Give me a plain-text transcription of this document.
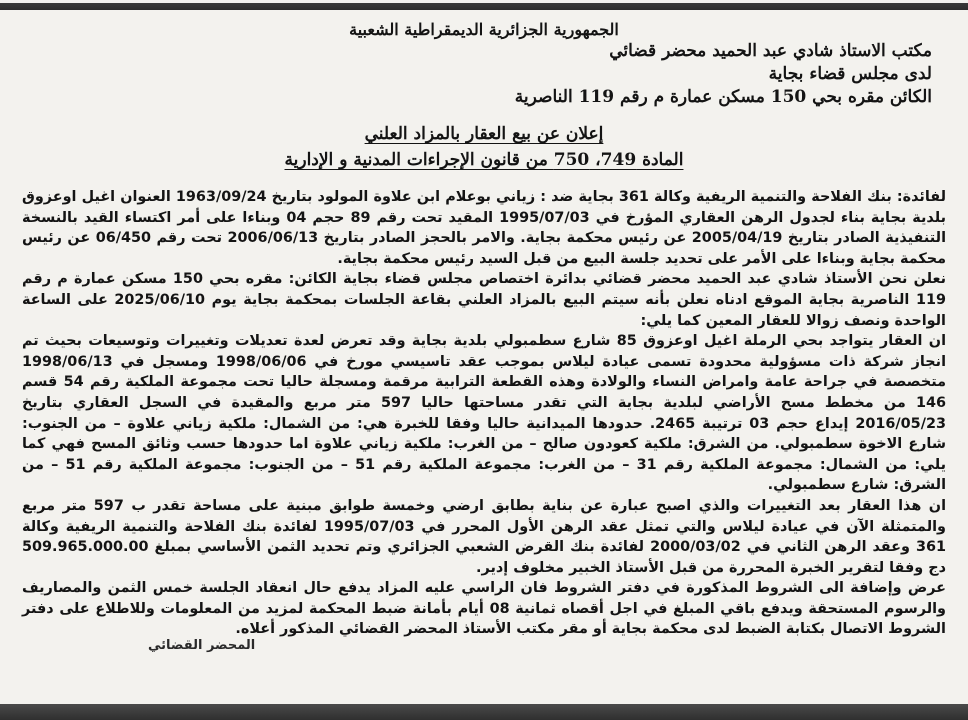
الجمهورية الجزائرية الديمقراطية الشعبية

مكتب الاستاذ شادي عبد الحميد محضر قضائي

لدى مجلس قضاء بجاية

الكائن مقره بحي 150 مسكن عمارة م رقم 119 الناصرية

إعلان عن بيع العقار بالمزاد العلني
المادة 749، 750 من قانون الإجراءات المدنية و الإدارية

لفائدة: بنك الفلاحة والتنمية الريفية وكالة 361 بجاية ضد : زياني بوعلام ابن علاوة المولود بتاريخ 1963/09/24 العنوان اغيل اوعزوق بلدية بجاية بناء لجدول الرهن العقاري المؤرخ في 1995/07/03 المقيد تحت رقم 89 حجم 04 وبناءا على أمر اكتساء القيد بالنسخة التنفيذية الصادر بتاريخ 2005/04/19 عن رئيس محكمة بجاية. والامر بالحجز الصادر بتاريخ 2006/06/13 تحت رقم 06/450 عن رئيس محكمة بجاية وبناءا على الأمر على تحديد جلسة البيع من قبل السيد رئيس محكمة بجاية.

نعلن نحن الأستاذ شادي عبد الحميد محضر قضائي بدائرة اختصاص مجلس قضاء بجاية الكائن: مقره بحي 150 مسكن عمارة م رقم 119 الناصرية بجاية الموقع ادناه نعلن بأنه سيتم البيع بالمزاد العلني بقاعة الجلسات بمحكمة بجاية يوم 2025/06/10 على الساعة الواحدة ونصف زوالا للعقار المعين كما يلي:

ان العقار يتواجد بحي الرملة اغيل اوعزوق 85 شارع سطمبولي بلدية بجاية وقد تعرض لعدة تعديلات وتغييرات وتوسيعات بحيث تم انجاز شركة ذات مسؤولية محدودة تسمى عيادة ليلاس بموجب عقد تاسيسي مورخ في 1998/06/06 ومسجل في 1998/06/13 متخصصة في جراحة عامة وامراض النساء والولادة وهذه القطعة الترابية مرقمة ومسجلة حاليا تحت مجموعة الملكية رقم 54 قسم 146 من مخطط مسح الأراضي لبلدية بجاية التي تقدر مساحتها حاليا 597 متر مربع والمقيدة في السجل العقاري بتاريخ 2016/05/23 إيداع حجم 03 ترتيبة 2465. حدودها الميدانية حاليا وفقا للخبرة هي: من الشمال: ملكية زياني علاوة – من الجنوب: شارع الاخوة سطمبولي. من الشرق: ملكية كعودون صالح – من الغرب: ملكية زياني علاوة اما حدودها حسب وثائق المسح فهي كما يلي: من الشمال: مجموعة الملكية رقم 31 – من الغرب: مجموعة الملكية رقم 51 – من الجنوب: مجموعة الملكية رقم 51 – من الشرق: شارع سطمبولي.

ان هذا العقار بعد التغييرات والذي اصبح عبارة عن بناية بطابق ارضي وخمسة طوابق مبنية على مساحة تقدر ب 597 متر مربع والمتمثلة الآن في عيادة ليلاس والتي تمثل عقد الرهن الأول المحرر في 1995/07/03 لفائدة بنك الفلاحة والتنمية الريفية وكالة 361 وعقد الرهن الثاني في 2000/03/02 لفائدة بنك القرض الشعبي الجزائري وتم تحديد الثمن الأساسي بمبلغ 509.965.000.00 دج وفقا لتقرير الخبرة المحررة من قبل الأستاذ الخبير مخلوف إدير.

عرض وإضافة الى الشروط المذكورة في دفتر الشروط فان الراسي عليه المزاد يدفع حال انعقاد الجلسة خمس الثمن والمصاريف والرسوم المستحقة ويدفع باقي المبلغ في اجل أقصاه ثمانية 08 أيام بأمانة ضبط المحكمة لمزيد من المعلومات وللاطلاع على دفتر الشروط الاتصال بكتابة الضبط لدى محكمة بجاية أو مقر مكتب الأستاذ المحضر القضائي المذكور أعلاه.

المحضر القضائي
